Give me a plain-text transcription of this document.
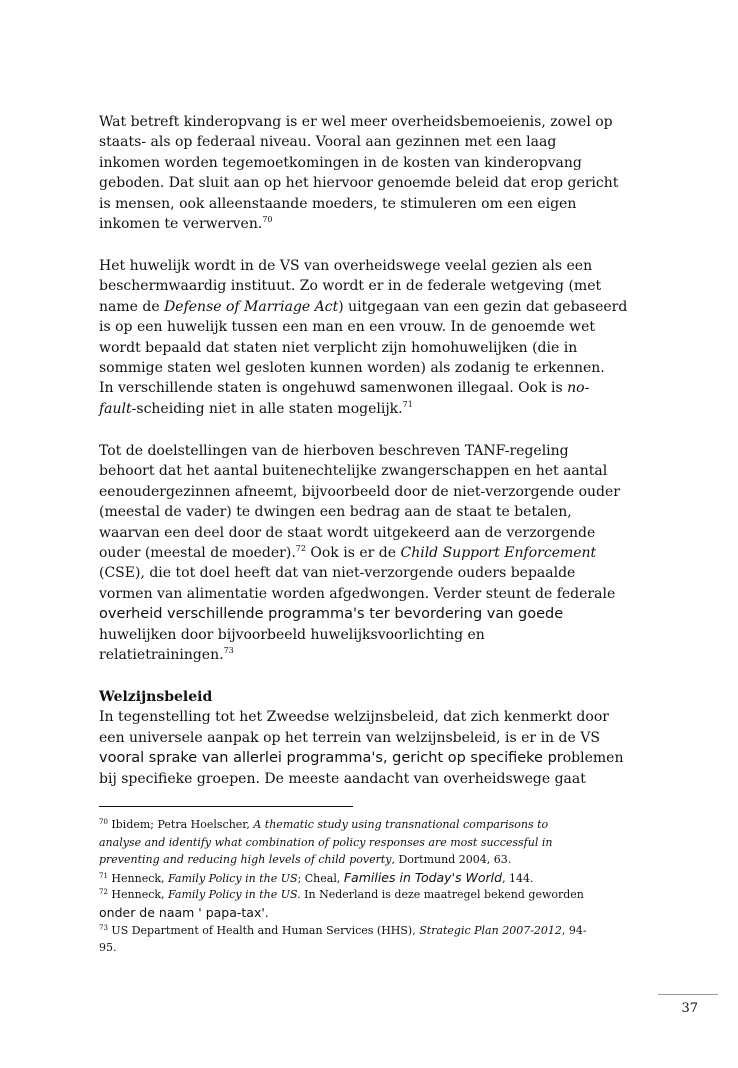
Wat betreft kinderopvang is er wel meer overheidsbemoeienis, zowel op
staats- als op federaal niveau. Vooral aan gezinnen met een laag
inkomen worden tegemoetkomingen in de kosten van kinderopvang
geboden. Dat sluit aan op het hiervoor genoemde beleid dat erop gericht
is mensen, ook alleenstaande moeders, te stimuleren om een eigen
inkomen te verwerven.$^{70}$

Het huwelijk wordt in de VS van overheidswege veelal gezien als een
beschermwaardig instituut. Zo wordt er in de federale wetgeving (met
name de Defense of Marriage Act) uitgegaan van een gezin dat gebaseerd
is op een huwelijk tussen een man en een vrouw. In de genoemde wet
wordt bepaald dat staten niet verplicht zijn homohuwelijken (die in
sommige staten wel gesloten kunnen worden) als zodanig te erkennen.
In verschillende staten is ongehuwd samenwonen illegaal. Ook is no-
fault-scheiding niet in alle staten mogelijk.$^{71}$

Tot de doelstellingen van de hierboven beschreven TANF-regeling
behoort dat het aantal buitenechtelijke zwangerschappen en het aantal
eenoudergezinnen afneemt, bijvoorbeeld door de niet-verzorgende ouder
(meestal de vader) te dwingen een bedrag aan de staat te betalen,
waarvan een deel door de staat wordt uitgekeerd aan de verzorgende
ouder (meestal de moeder).$^{72}$ Ook is er de Child Support Enforcement
(CSE), die tot doel heeft dat van niet-verzorgende ouders bepaalde
vormen van alimentatie worden afgedwongen. Verder steunt de federale
overheid verschillende programma's ter bevordering van goede
huwelijken door bijvoorbeeld huwelijksvoorlichting en
relatietrainingen.$^{73}$

Welzijnsbeleid
In tegenstelling tot het Zweedse welzijnsbeleid, dat zich kenmerkt door
een universele aanpak op het terrein van welzijnsbeleid, is er in de VS
vooral sprake van allerlei programma's, gericht op specifieke problemen
bij specifieke groepen. De meeste aandacht van overheidswege gaat
$^{70}$ Ibidem; Petra Hoelscher, A thematic study using transnational comparisons to
analyse and identify what combination of policy responses are most successful in
preventing and reducing high levels of child poverty, Dortmund 2004, 63.
$^{71}$ Henneck, Family Policy in the US; Cheal, Families in Today's World, 144.
$^{72}$ Henneck, Family Policy in the US. In Nederland is deze maatregel bekend geworden
onder de naam ' papa-tax'.
$^{73}$ US Department of Health and Human Services (HHS), Strategic Plan 2007-2012, 94-
95.
37
